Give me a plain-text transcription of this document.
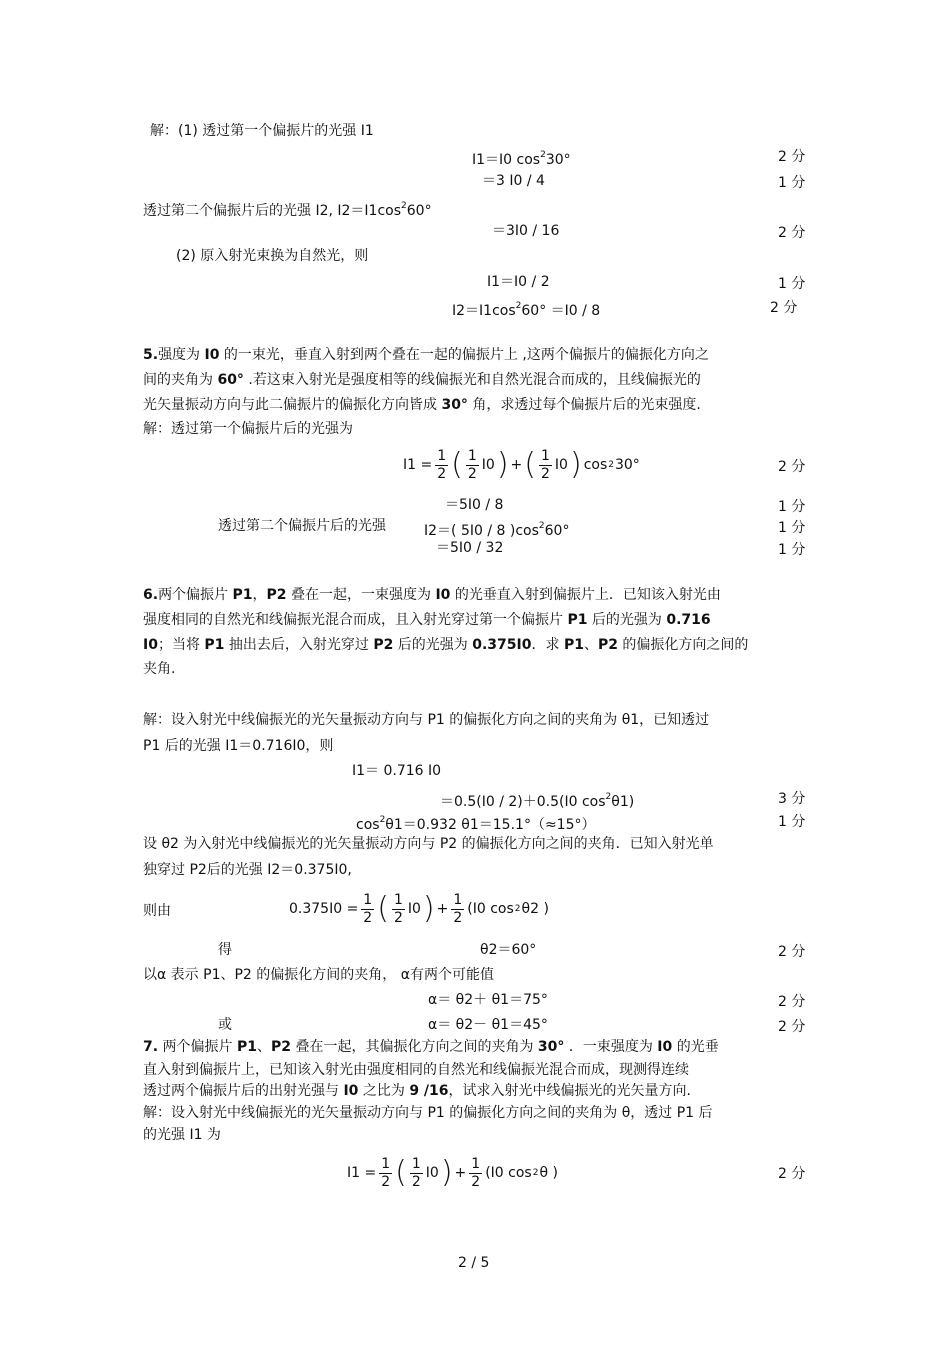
解：(1) 透过第一个偏振片的光强 I1
I1＝I0 $\cos^230^\circ$	2 分
＝3 I0 / 4	1 分
透过第二个偏振片后的光强 I2, $I2=I1\cos^260^\circ$
＝3I0 / 16	2 分
(2) 原入射光束换为自然光，则
I1＝I0 / 2	1 分
$I2=I1\cos^260^\circ =I0 / 8$	2 分
5.强度为 I0 的一束光，垂直入射到两个叠在一起的偏振片上 ,这两个偏振片的偏振化方向之
间的夹角为 60° .若这束入射光是强度相等的线偏振光和自然光混合而成的，且线偏振光的
光矢量振动方向与此二偏振片的偏振化方向皆成 30° 角，求透过每个偏振片后的光束强度.
解：透过第一个偏振片后的光强为
$I1 = \frac{1}{2}$ ( $\frac{1}{2} I0$ ) + ( $\frac{1}{2} I0$ ) cos 2 30°	2 分
＝5I0 / 8	1 分
透过第二个偏振片后的光强	I2＝( 5I0 / 8 )$\cos^260^\circ$	1 分
＝5I0 / 32	1 分
6.两个偏振片 P1，P2 叠在一起，一束强度为 I0 的光垂直入射到偏振片上．已知该入射光由
强度相同的自然光和线偏振光混合而成，且入射光穿过第一个偏振片 P1 后的光强为 0.716
I0；当将 P1 抽出去后，入射光穿过 P2 后的光强为 0.375I0．求 P1、P2 的偏振化方向之间的
夹角.
解：设入射光中线偏振光的光矢量振动方向与 P1 的偏振化方向之间的夹角为 θ1，已知透过
P1 后的光强 I1＝0.716I0，则
I1＝ 0.716 I0
＝0.5(I0 / 2)＋0.5(I0 $\cos^2\theta 1$)	3 分
$\cos^2\theta 1=0.932$ θ1＝15.1°（≈15°）	1 分
设 θ2 为入射光中线偏振光的光矢量振动方向与 P2 的偏振化方向之间的夹角．已知入射光单
独穿过 P2后的光强 I2＝0.375I0,
则由	$0.375I0 = \frac{1}{2}$ ( $\frac{1}{2} I0$ ) + $\frac{1}{2} (I0$ cos 2 θ2 )
得	θ2＝60°	2 分
以α 表示 P1、P2 的偏振化方间的夹角， α有两个可能值
α＝ θ2＋ θ1＝75°	2 分
或	α＝ θ2－ θ1＝45°	2 分
7. 两个偏振片 P1、P2 叠在一起，其偏振化方向之间的夹角为 30° ．一束强度为 I0 的光垂
直入射到偏振片上，已知该入射光由强度相同的自然光和线偏振光混合而成，现测得连续
透过两个偏振片后的出射光强与 I0 之比为 9 /16，试求入射光中线偏振光的光矢量方向.
解：设入射光中线偏振光的光矢量振动方向与 P1 的偏振化方向之间的夹角为 θ，透过 P1 后
的光强 I1 为
$I1 = \frac{1}{2}$ ( $\frac{1}{2} I0$ ) + $\frac{1}{2} (I0$ cos 2 θ )	2 分
2 / 5
